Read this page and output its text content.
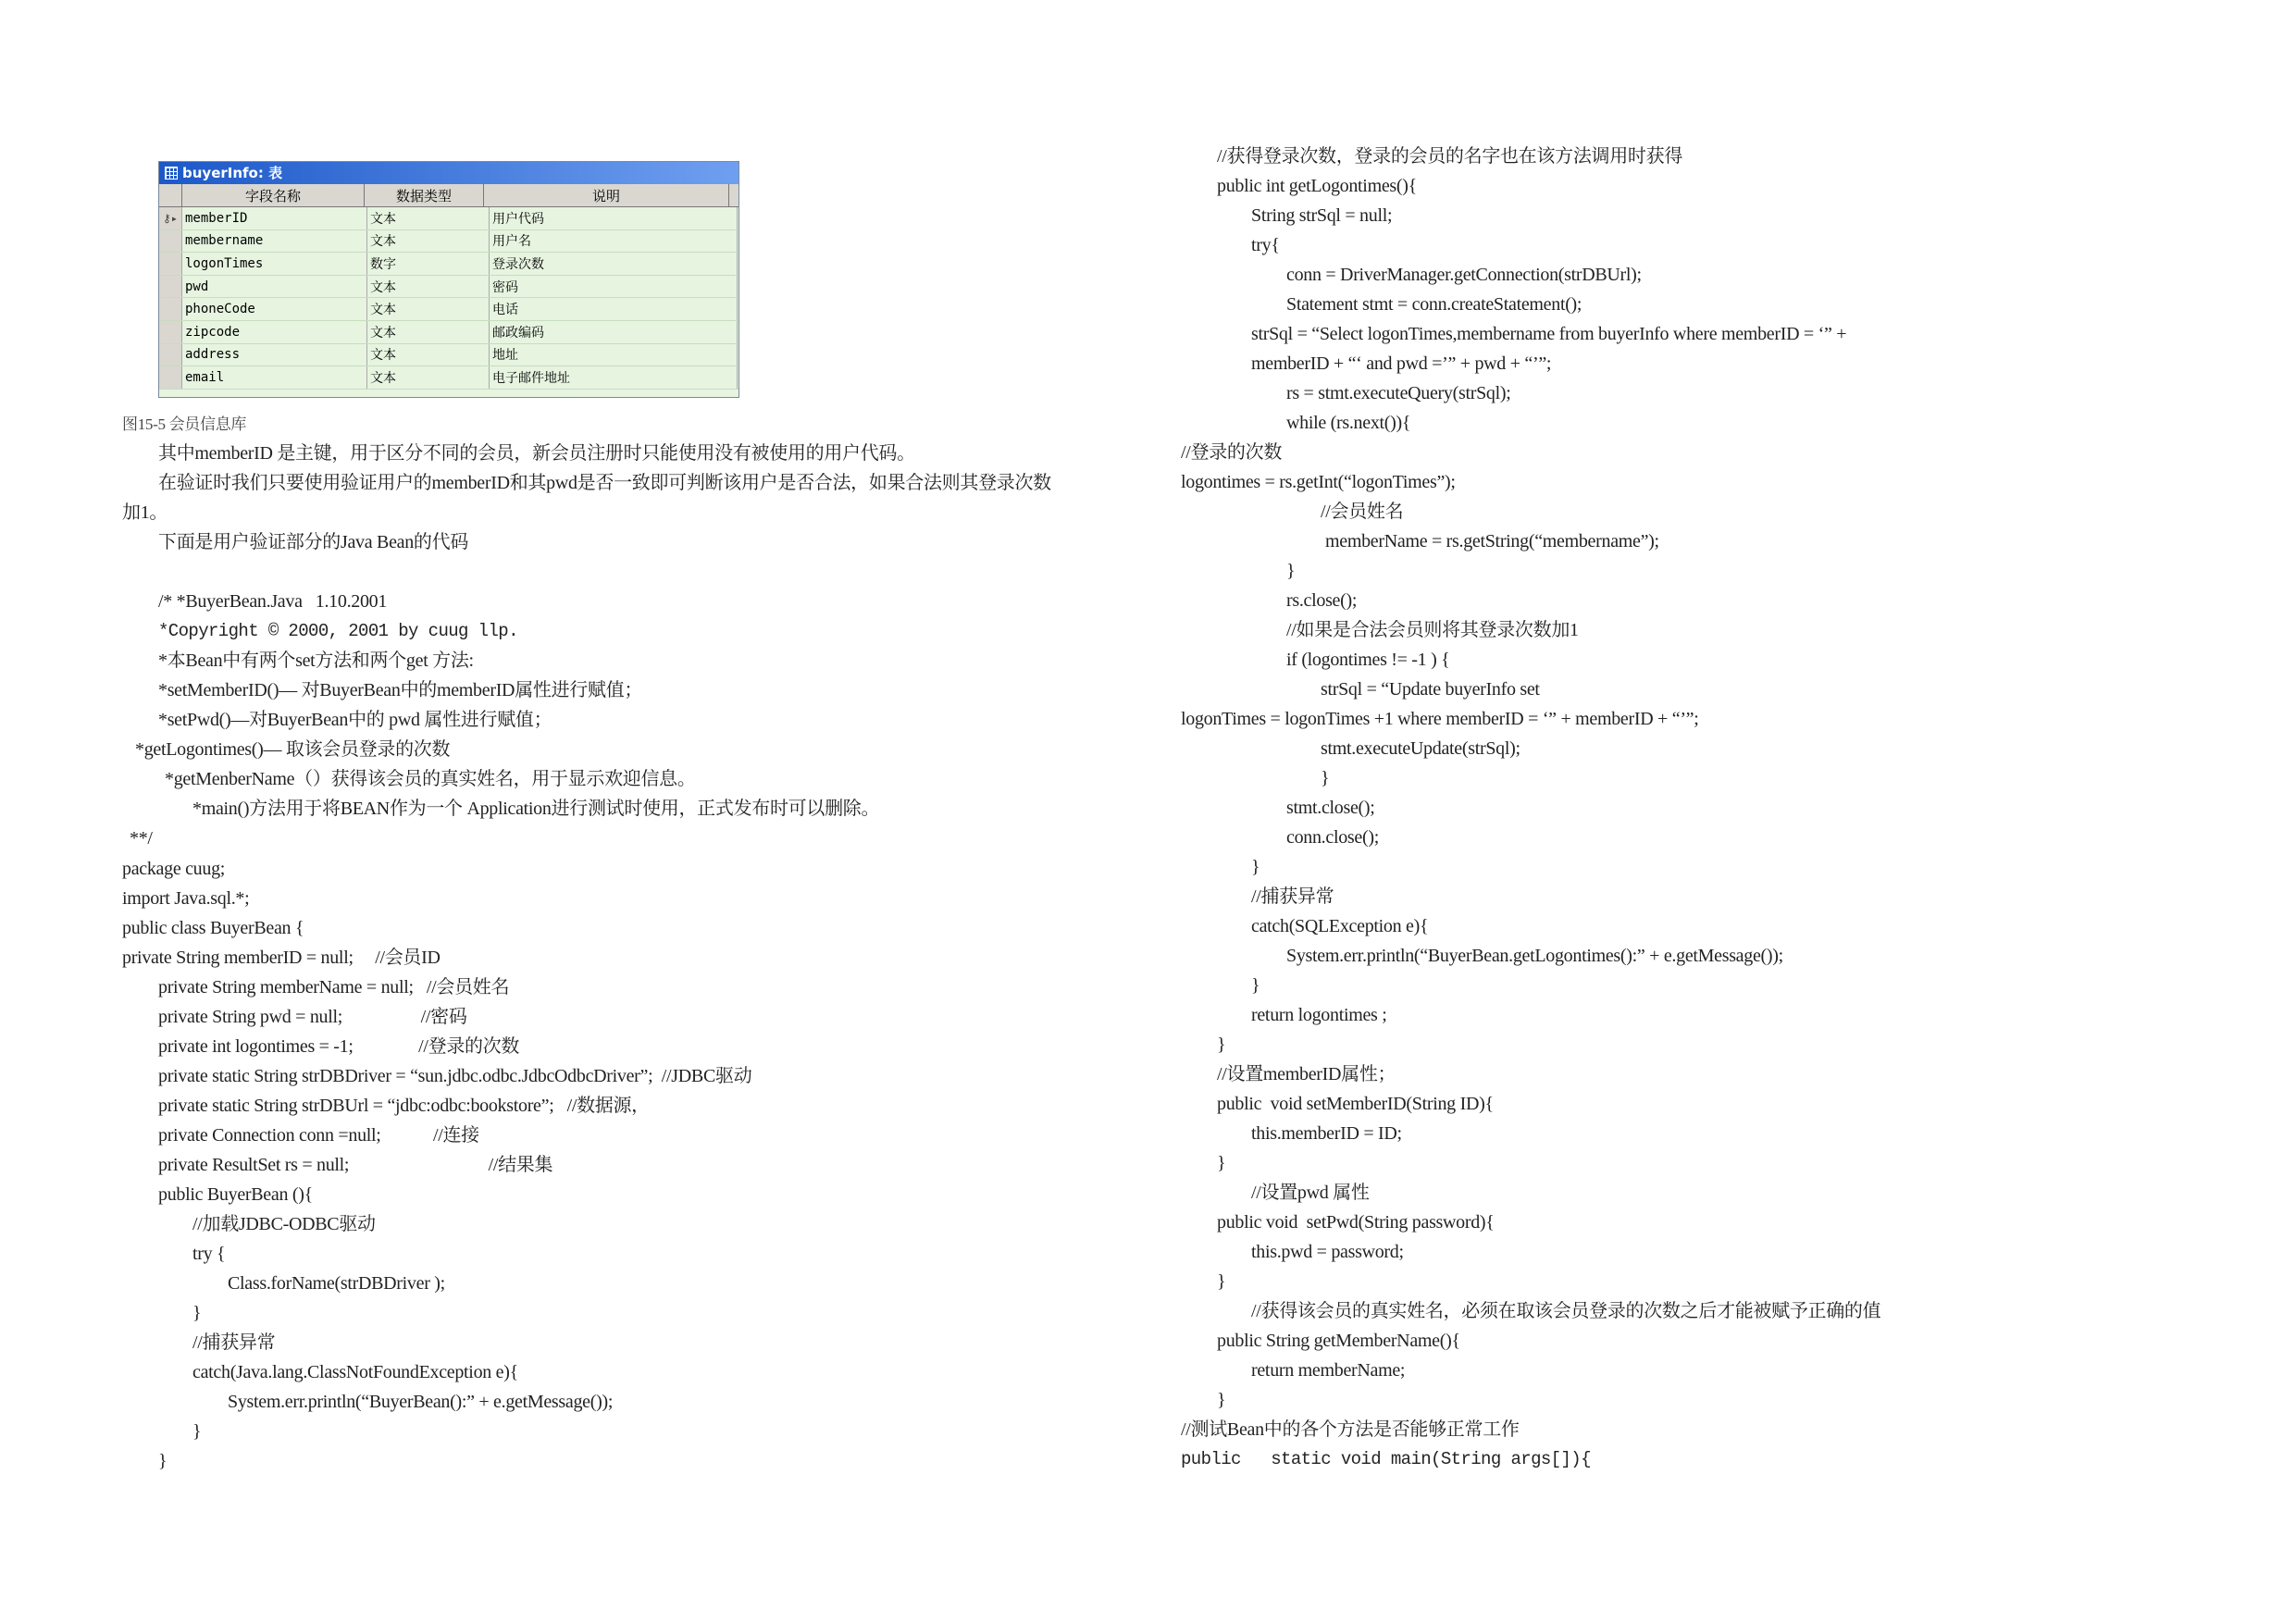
buyerInfo: 表
字段名称	数据类型	说明
⚷▸ memberID	文本	用户代码
membername	文本	用户名
logonTimes	数字	登录次数
pwd	文本	密码
phoneCode	文本	电话
zipcode	文本	邮政编码
address	文本	地址
email	文本	电子邮件地址
图15-5 会员信息库
其中memberID 是主键，用于区分不同的会员，新会员注册时只能使用没有被使用的用户代码。
在验证时我们只要使用验证用户的memberID和其pwd是否一致即可判断该用户是否合法，如果合法则其登录次数
加1。
下面是用户验证部分的Java Bean的代码
/* *BuyerBean.Java   1.10.2001
*Copyright © 2000, 2001 by cuug llp.
*本Bean中有两个set方法和两个get 方法:
*setMemberID()— 对BuyerBean中的memberID属性进行赋值；
*setPwd()—对BuyerBean中的 pwd 属性进行赋值；
*getLogontimes()— 取该会员登录的次数
*getMenberName（）获得该会员的真实姓名，用于显示欢迎信息。
*main()方法用于将BEAN作为一个 Application进行测试时使用，正式发布时可以删除。
**/
package cuug;
import Java.sql.*;
public class BuyerBean {
private String memberID = null;     //会员ID
private String memberName = null;   //会员姓名
private String pwd = null;                  //密码
private int logontimes = -1;               //登录的次数
private static String strDBDriver = “sun.jdbc.odbc.JdbcOdbcDriver”;  //JDBC驱动
private static String strDBUrl = “jdbc:odbc:bookstore”;   //数据源，
private Connection conn =null;            //连接
private ResultSet rs = null;                                //结果集
public BuyerBean (){
//加载JDBC-ODBC驱动
try {
Class.forName(strDBDriver );
}
//捕获异常
catch(Java.lang.ClassNotFoundException e){
System.err.println(“BuyerBean():” + e.getMessage());
}
}
//获得登录次数，登录的会员的名字也在该方法调用时获得
public int getLogontimes(){
String strSql = null;
try{
conn = DriverManager.getConnection(strDBUrl);
Statement stmt = conn.createStatement();
strSql = “Select logonTimes,membername from buyerInfo where memberID = ‘” +
memberID + “‘ and pwd =’” + pwd + “’”;
rs = stmt.executeQuery(strSql);
while (rs.next()){
//登录的次数
logontimes = rs.getInt(“logonTimes”);
//会员姓名
memberName = rs.getString(“membername”);
}
rs.close();
//如果是合法会员则将其登录次数加1
if (logontimes != -1 ) {
strSql = “Update buyerInfo set
logonTimes = logonTimes +1 where memberID = ‘” + memberID + “’”;
stmt.executeUpdate(strSql);
}
stmt.close();
conn.close();
}
//捕获异常
catch(SQLException e){
System.err.println(“BuyerBean.getLogontimes():” + e.getMessage());
}
return logontimes ;
}
//设置memberID属性；
public  void setMemberID(String ID){
this.memberID = ID;
}
//设置pwd 属性
public void  setPwd(String password){
this.pwd = password;
}
//获得该会员的真实姓名，必须在取该会员登录的次数之后才能被赋予正确的值
public String getMemberName(){
return memberName;
}
//测试Bean中的各个方法是否能够正常工作
public   static void main(String args[]){
